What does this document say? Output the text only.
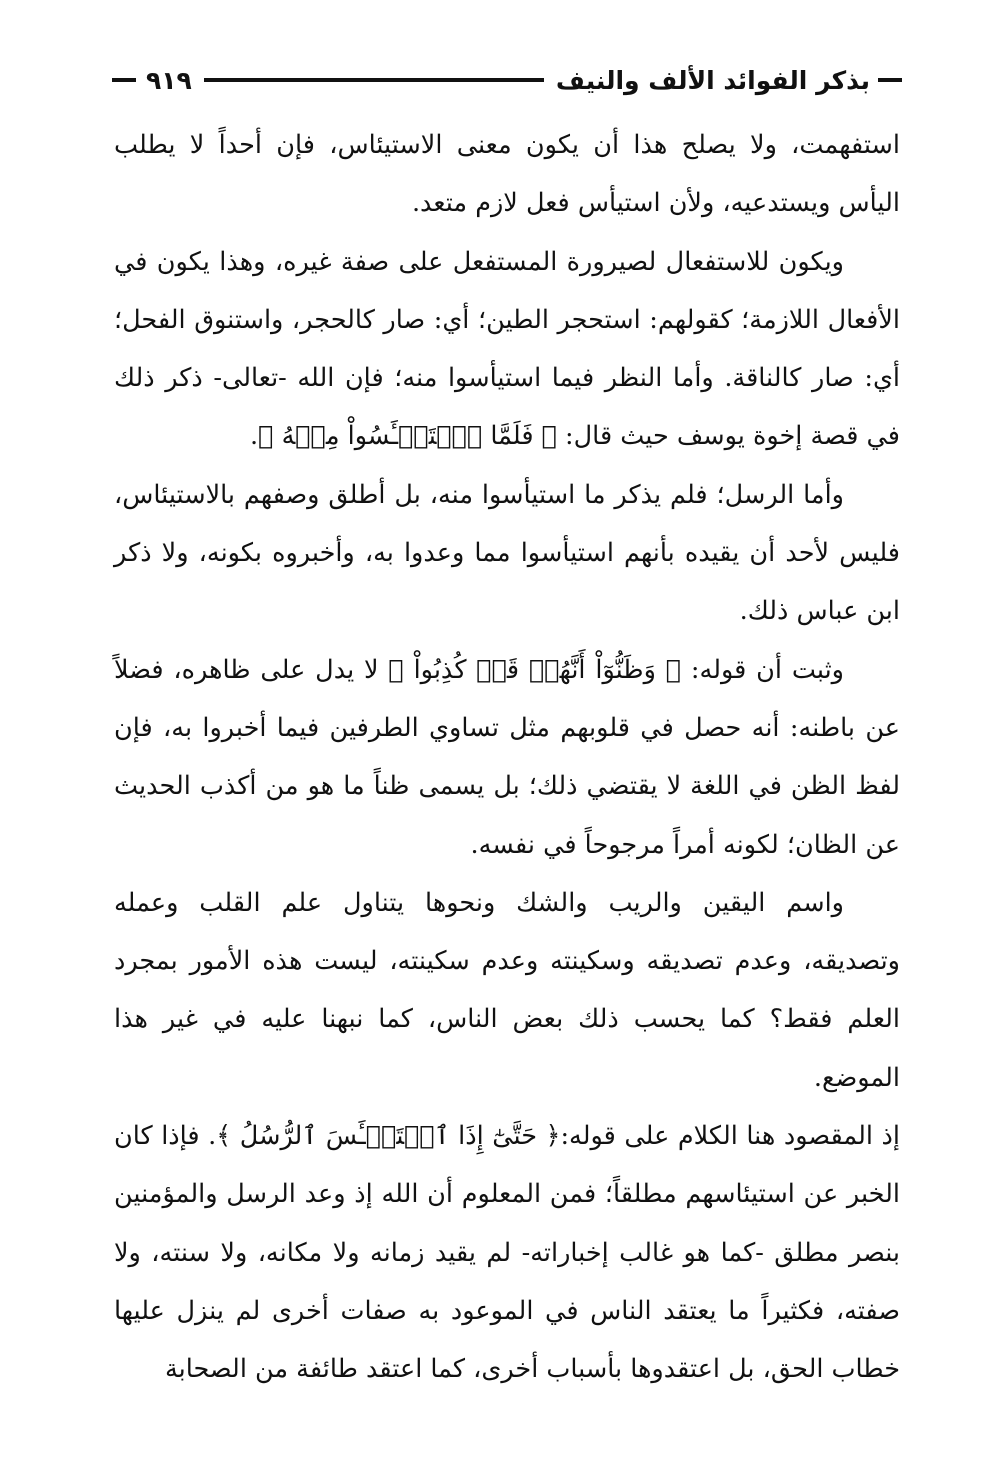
بذكر الفوائد الألف والنيف
٩١٩

استفهمت، ولا يصلح هذا أن يكون معنى الاستيئاس، فإن أحداً لا يطلب اليأس ويستدعيه، ولأن استيأس فعل لازم متعد.

ويكون للاستفعال لصيرورة المستفعل على صفة غيره، وهذا يكون في الأفعال اللازمة؛ كقولهم: استحجر الطين؛ أي: صار كالحجر، واستنوق الفحل؛ أي: صار كالناقة. وأما النظر فيما استيأسوا منه؛ فإن الله -تعالى- ذكر ذلك في قصة إخوة يوسف حيث قال: ﴿ فَلَمَّا ٱسۡتَيۡـَٔسُواْ مِنۡهُ ﴾.

وأما الرسل؛ فلم يذكر ما استيأسوا منه، بل أطلق وصفهم بالاستيئاس، فليس لأحد أن يقيده بأنهم استيأسوا مما وعدوا به، وأخبروه بكونه، ولا ذكر ابن عباس ذلك.

وثبت أن قوله: ﴿ وَظَنُّوٓاْ أَنَّهُمۡ قَدۡ كُذِبُواْ ﴾ لا يدل على ظاهره، فضلاً عن باطنه: أنه حصل في قلوبهم مثل تساوي الطرفين فيما أخبروا به، فإن لفظ الظن في اللغة لا يقتضي ذلك؛ بل يسمى ظناً ما هو من أكذب الحديث عن الظان؛ لكونه أمراً مرجوحاً في نفسه.

واسم اليقين والريب والشك ونحوها يتناول علم القلب وعمله وتصديقه، وعدم تصديقه وسكينته وعدم سكينته، ليست هذه الأمور بمجرد العلم فقط؟ كما يحسب ذلك بعض الناس، كما نبهنا عليه في غير هذا الموضع.

إذ المقصود هنا الكلام على قوله:﴿ حَتَّىٰٓ إِذَا ٱسۡتَيۡـَٔسَ ٱلرُّسُلُ ﴾. فإذا كان الخبر عن استيئاسهم مطلقاً؛ فمن المعلوم أن الله إذ وعد الرسل والمؤمنين بنصر مطلق -كما هو غالب إخباراته- لم يقيد زمانه ولا مكانه، ولا سنته، ولا صفته، فكثيراً ما يعتقد الناس في الموعود به صفات أخرى لم ينزل عليها خطاب الحق، بل اعتقدوها بأسباب أخرى، كما اعتقد طائفة من الصحابة
